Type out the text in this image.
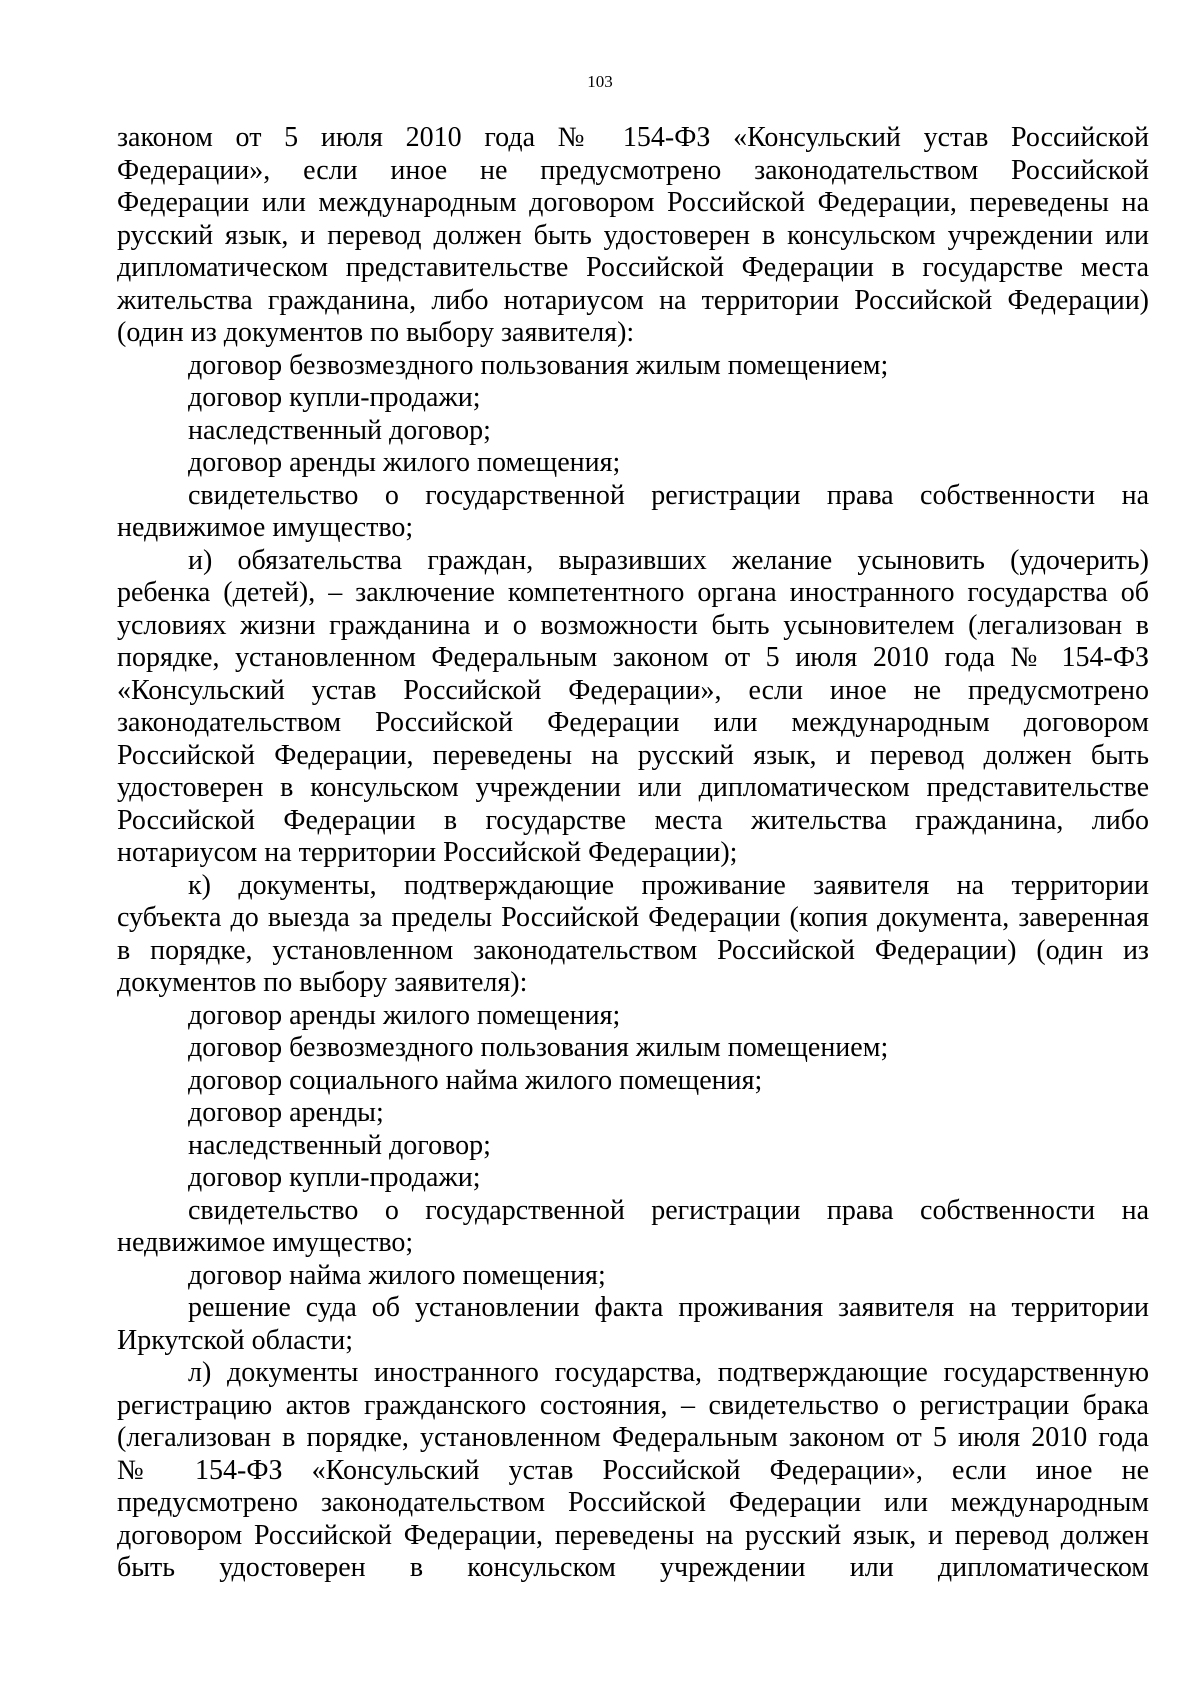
103
законом от 5 июля 2010 года № 154-ФЗ «Консульский устав Российской
Федерации», если иное не предусмотрено законодательством Российской
Федерации или международным договором Российской Федерации, переведены на
русский язык, и перевод должен быть удостоверен в консульском учреждении или
дипломатическом представительстве Российской Федерации в государстве места
жительства гражданина, либо нотариусом на территории Российской Федерации)
(один из документов по выбору заявителя):
договор безвозмездного пользования жилым помещением;
договор купли-продажи;
наследственный договор;
договор аренды жилого помещения;
свидетельство о государственной регистрации права собственности на
недвижимое имущество;
и) обязательства граждан, выразивших желание усыновить (удочерить)
ребенка (детей), – заключение компетентного органа иностранного государства об
условиях жизни гражданина и о возможности быть усыновителем (легализован в
порядке, установленном Федеральным законом от 5 июля 2010 года № 154-ФЗ
«Консульский устав Российской Федерации», если иное не предусмотрено
законодательством Российской Федерации или международным договором
Российской Федерации, переведены на русский язык, и перевод должен быть
удостоверен в консульском учреждении или дипломатическом представительстве
Российской Федерации в государстве места жительства гражданина, либо
нотариусом на территории Российской Федерации);
к) документы, подтверждающие проживание заявителя на территории
субъекта до выезда за пределы Российской Федерации (копия документа, заверенная
в порядке, установленном законодательством Российской Федерации) (один из
документов по выбору заявителя):
договор аренды жилого помещения;
договор безвозмездного пользования жилым помещением;
договор социального найма жилого помещения;
договор аренды;
наследственный договор;
договор купли-продажи;
свидетельство о государственной регистрации права собственности на
недвижимое имущество;
договор найма жилого помещения;
решение суда об установлении факта проживания заявителя на территории
Иркутской области;
л) документы иностранного государства, подтверждающие государственную
регистрацию актов гражданского состояния, – свидетельство о регистрации брака
(легализован в порядке, установленном Федеральным законом от 5 июля 2010 года
№ 154-ФЗ «Консульский устав Российской Федерации», если иное не
предусмотрено законодательством Российской Федерации или международным
договором Российской Федерации, переведены на русский язык, и перевод должен
быть удостоверен в консульском учреждении или дипломатическом
